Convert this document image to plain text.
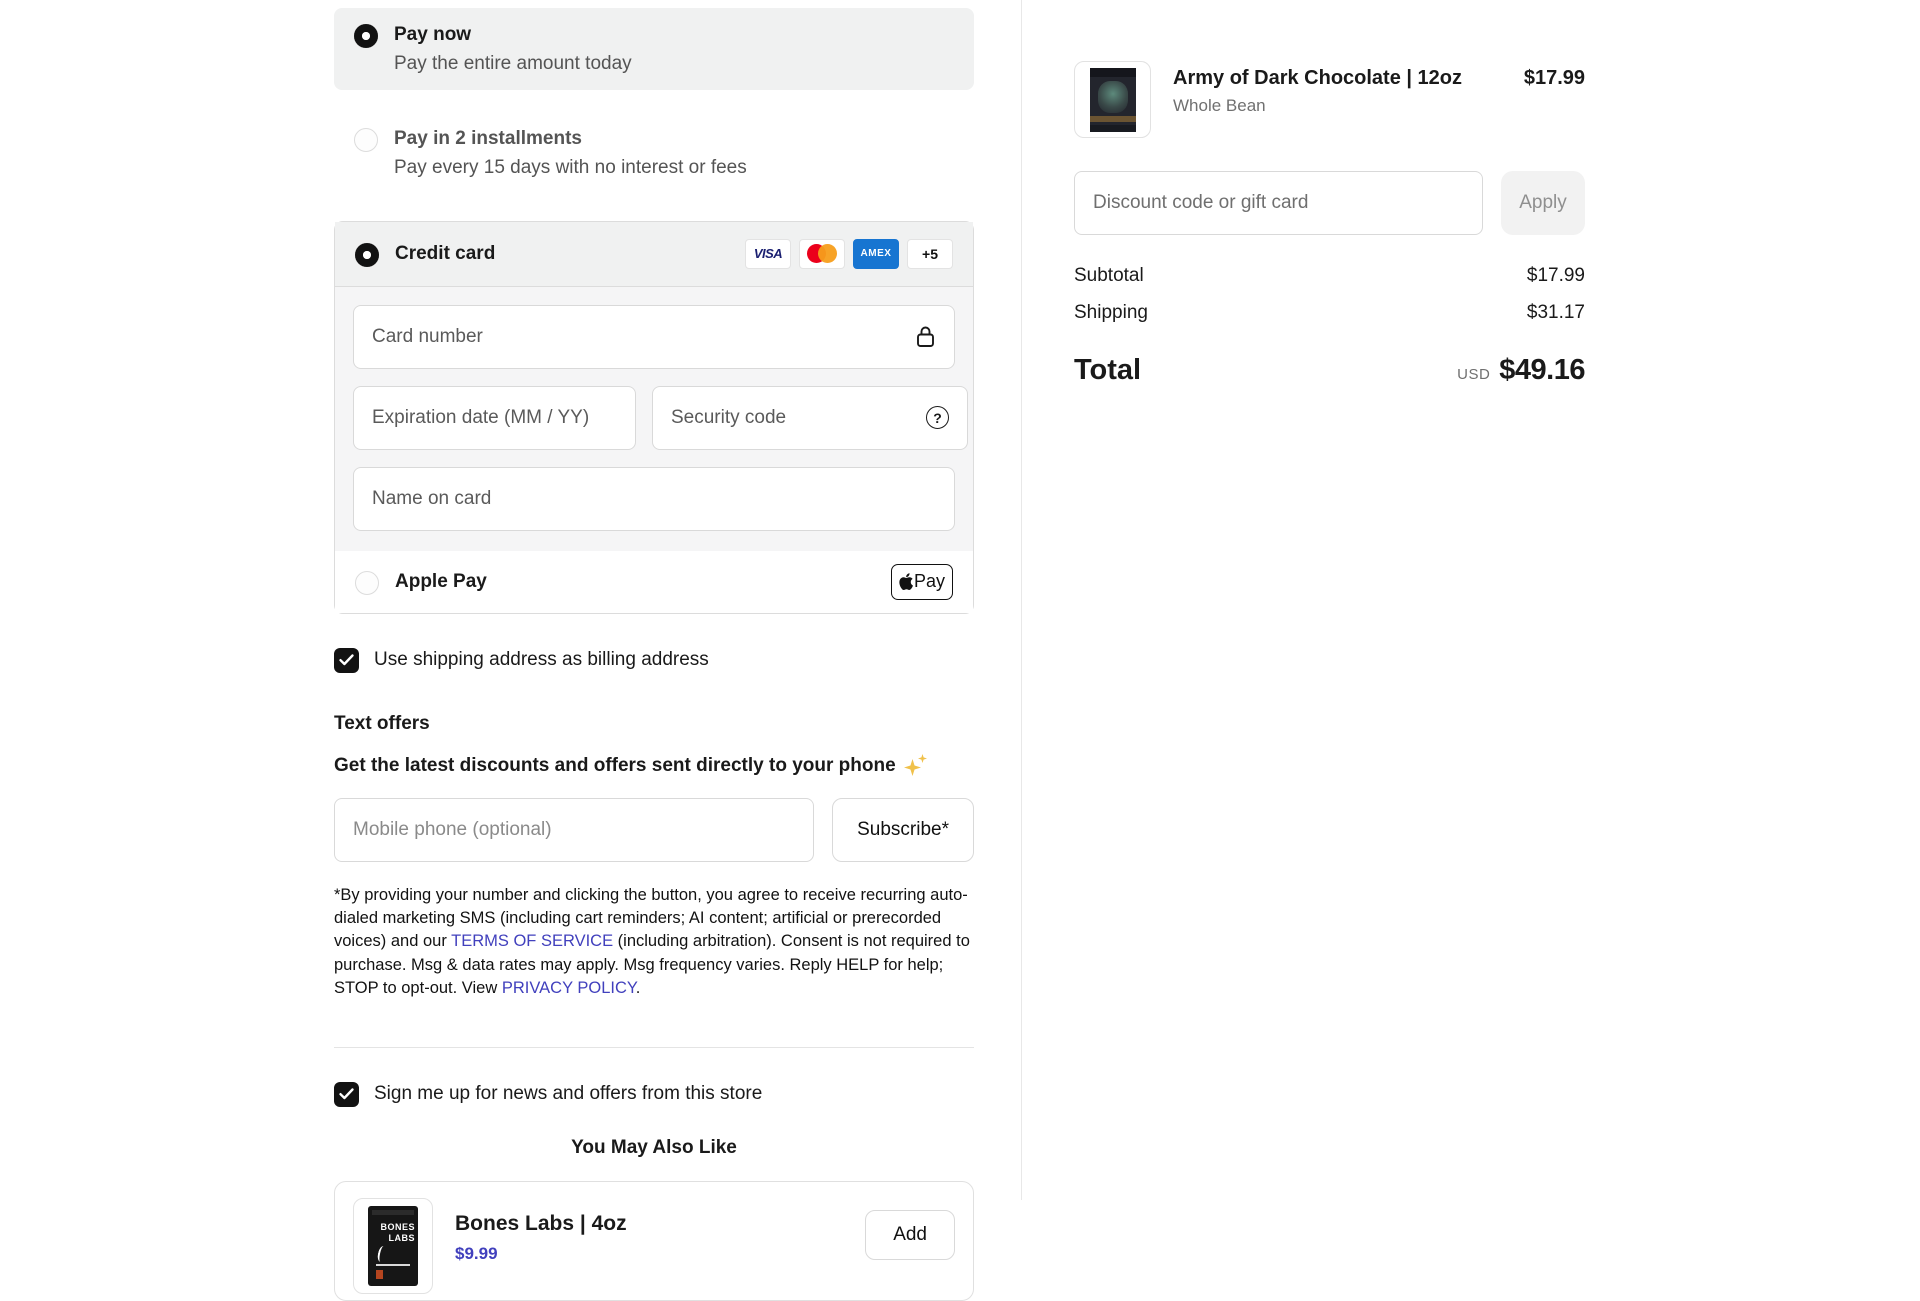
Pay now
Pay the entire amount today
Pay in 2 installments
Pay every 15 days with no interest or fees
Credit card	VISA	AMEX +5
Card number
Expiration date (MM / YY)
Security code
?
Name on card
Apple Pay	Pay
Use shipping address as billing address
Text offers
Get the latest discounts and offers sent directly to your phone
Mobile phone (optional)
Subscribe*

*By providing your number and clicking the button, you agree to receive recurring auto-dialed marketing SMS (including cart reminders; AI content; artificial or prerecorded voices) and our TERMS OF SERVICE (including arbitration). Consent is not required to purchase. Msg & data rates may apply. Msg frequency varies. Reply HELP for help; STOP to opt-out. View PRIVACY POLICY.

Sign me up for news and offers from this store
You May Also Like
BONES
LABS
Bones Labs | 4oz
$9.99
Add
Army of Dark Chocolate | 12oz
Whole Bean
$17.99
Discount code or gift card
Apply
Subtotal	$17.99
Shipping	$31.17
Total	USD $49.16
